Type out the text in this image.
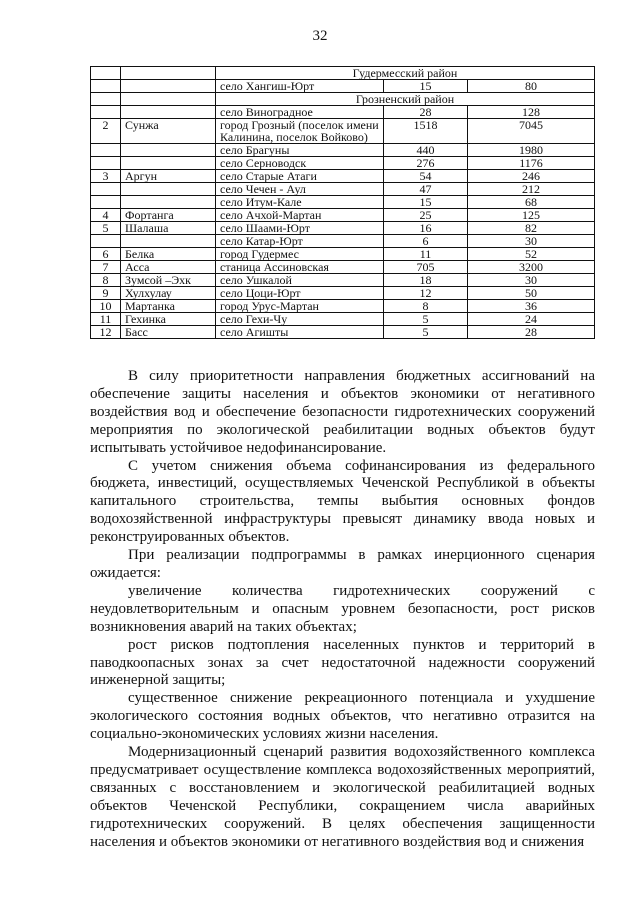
32
		Гудермесский район		
		село Хангиш-Юрт	15	80
		Грозненский район		
		село Виноградное	28	128
2	Сунжа	город Грозный (поселок имени Калинина, поселок Войково)	1518	7045
		село Брагуны	440	1980
		село Серноводск	276	1176
3	Аргун	село Старые Атаги	54	246
		село Чечен - Аул	47	212
		село Итум-Кале	15	68
4	Фортанга	село Ачхой-Мартан	25	125
5	Шалаша	село Шаами-Юрт	16	82
		село Катар-Юрт	6	30
6	Белка	город Гудермес	11	52
7	Асса	станица Ассиновская	705	3200
8	Зумсой –Эхк	село Ушкалой	18	30
9	Хулхулау	село Цоци-Юрт	12	50
10	Мартанка	город Урус-Мартан	8	36
11	Гехинка	село Гехи-Чу	5	24
12	Басс	село Агишты	5	28

В силу приоритетности направления бюджетных ассигнований на обеспечение защиты населения и объектов экономики от негативного воздействия вод и обеспечение безопасности гидротехнических сооружений мероприятия по экологической реабилитации водных объектов будут испытывать устойчивое недофинансирование.

С учетом снижения объема софинансирования из федерального бюджета, инвестиций, осуществляемых Чеченской Республикой в объекты капитального строительства, темпы выбытия основных фондов водохозяйственной инфраструктуры превысят динамику ввода новых и реконструированных объектов.

При реализации подпрограммы в рамках инерционного сценария ожидается:

увеличение количества гидротехнических сооружений с неудовлетворительным и опасным уровнем безопасности, рост рисков возникновения аварий на таких объектах;

рост рисков подтопления населенных пунктов и территорий в паводкоопасных зонах за счет недостаточной надежности сооружений инженерной защиты;

существенное снижение рекреационного потенциала и ухудшение экологического состояния водных объектов, что негативно отразится на социально-экономических условиях жизни населения.

Модернизационный сценарий развития водохозяйственного комплекса предусматривает осуществление комплекса водохозяйственных мероприятий, связанных с восстановлением и экологической реабилитацией водных объектов Чеченской Республики, сокращением числа аварийных гидротехнических сооружений. В целях обеспечения защищенности населения и объектов экономики от негативного воздействия вод и снижения
